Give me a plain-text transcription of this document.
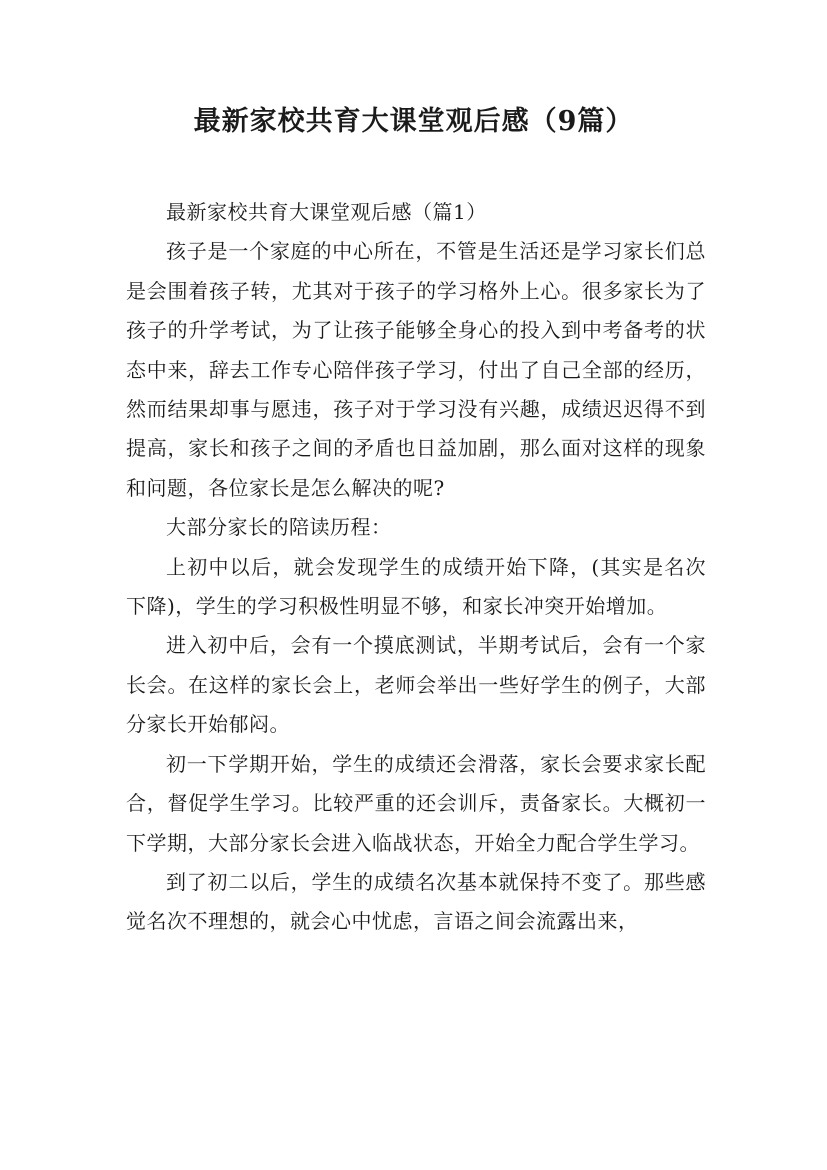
最新家校共育大课堂观后感（9篇）

最新家校共育大课堂观后感（篇1）

孩子是一个家庭的中心所在，不管是生活还是学习家长们总是会围着孩子转，尤其对于孩子的学习格外上心。很多家长为了孩子的升学考试，为了让孩子能够全身心的投入到中考备考的状态中来，辞去工作专心陪伴孩子学习，付出了自己全部的经历，然而结果却事与愿违，孩子对于学习没有兴趣，成绩迟迟得不到提高，家长和孩子之间的矛盾也日益加剧，那么面对这样的现象和问题，各位家长是怎么解决的呢?

大部分家长的陪读历程：

上初中以后，就会发现学生的成绩开始下降，(其实是名次下降)，学生的学习积极性明显不够，和家长冲突开始增加。

进入初中后，会有一个摸底测试，半期考试后，会有一个家长会。在这样的家长会上，老师会举出一些好学生的例子，大部分家长开始郁闷。

初一下学期开始，学生的成绩还会滑落，家长会要求家长配合，督促学生学习。比较严重的还会训斥，责备家长。大概初一下学期，大部分家长会进入临战状态，开始全力配合学生学习。

到了初二以后，学生的成绩名次基本就保持不变了。那些感觉名次不理想的，就会心中忧虑，言语之间会流露出来，
